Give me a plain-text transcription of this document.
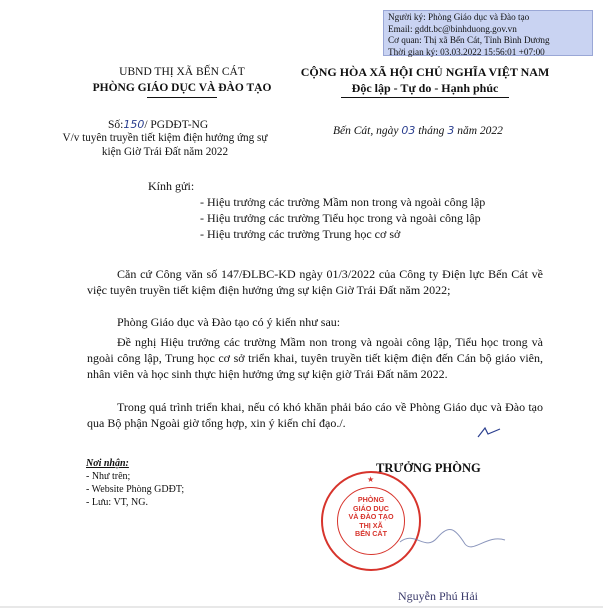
Người ký: Phòng Giáo dục và Đào tạo
Email: gddt.bc@binhduong.gov.vn
Cơ quan: Thị xã Bến Cát, Tỉnh Bình Dương
Thời gian ký: 03.03.2022 15:56:01 +07:00
UBND THỊ XÃ BẾN CÁT
PHÒNG GIÁO DỤC VÀ ĐÀO TẠO
CỘNG HÒA XÃ HỘI CHỦ NGHĨA VIỆT NAM
Độc lập - Tự do - Hạnh phúc
Số:150/ PGDĐT-NG
V/v tuyên truyền tiết kiệm điện hưởng ứng sự kiện Giờ Trái Đất năm 2022
Bến Cát, ngày 03 tháng 3 năm 2022
Kính gửi:
- Hiệu trưởng các trường Mầm non trong và ngoài công lập
- Hiệu trưởng các trường Tiểu học trong và ngoài công lập
- Hiệu trưởng các trường Trung học cơ sở
Căn cứ Công văn số 147/ĐLBC-KD ngày 01/3/2022 của Công ty Điện lực Bến Cát về việc tuyên truyền tiết kiệm điện hưởng ứng sự kiện Giờ Trái Đất năm 2022;
Phòng Giáo dục và Đào tạo có ý kiến như sau:
Đề nghị Hiệu trưởng các trường Mầm non trong và ngoài công lập, Tiểu học trong và ngoài công lập, Trung học cơ sở triển khai, tuyên truyền tiết kiệm điện đến Cán bộ giáo viên, nhân viên và học sinh thực hiện hưởng ứng sự kiện giờ Trái Đất năm 2022.
Trong quá trình triển khai, nếu có khó khăn phải báo cáo về Phòng Giáo dục và Đào tạo qua Bộ phận Ngoài giờ tổng hợp, xin ý kiến chỉ đạo./.
Nơi nhận:
- Như trên;
- Website Phòng GDĐT;
- Lưu: VT, NG.
TRƯỞNG PHÒNG
★
PHÒNG
GIÁO DỤC
VÀ ĐÀO TẠO
THỊ XÃ
BẾN CÁT
Nguyễn Phú Hải
